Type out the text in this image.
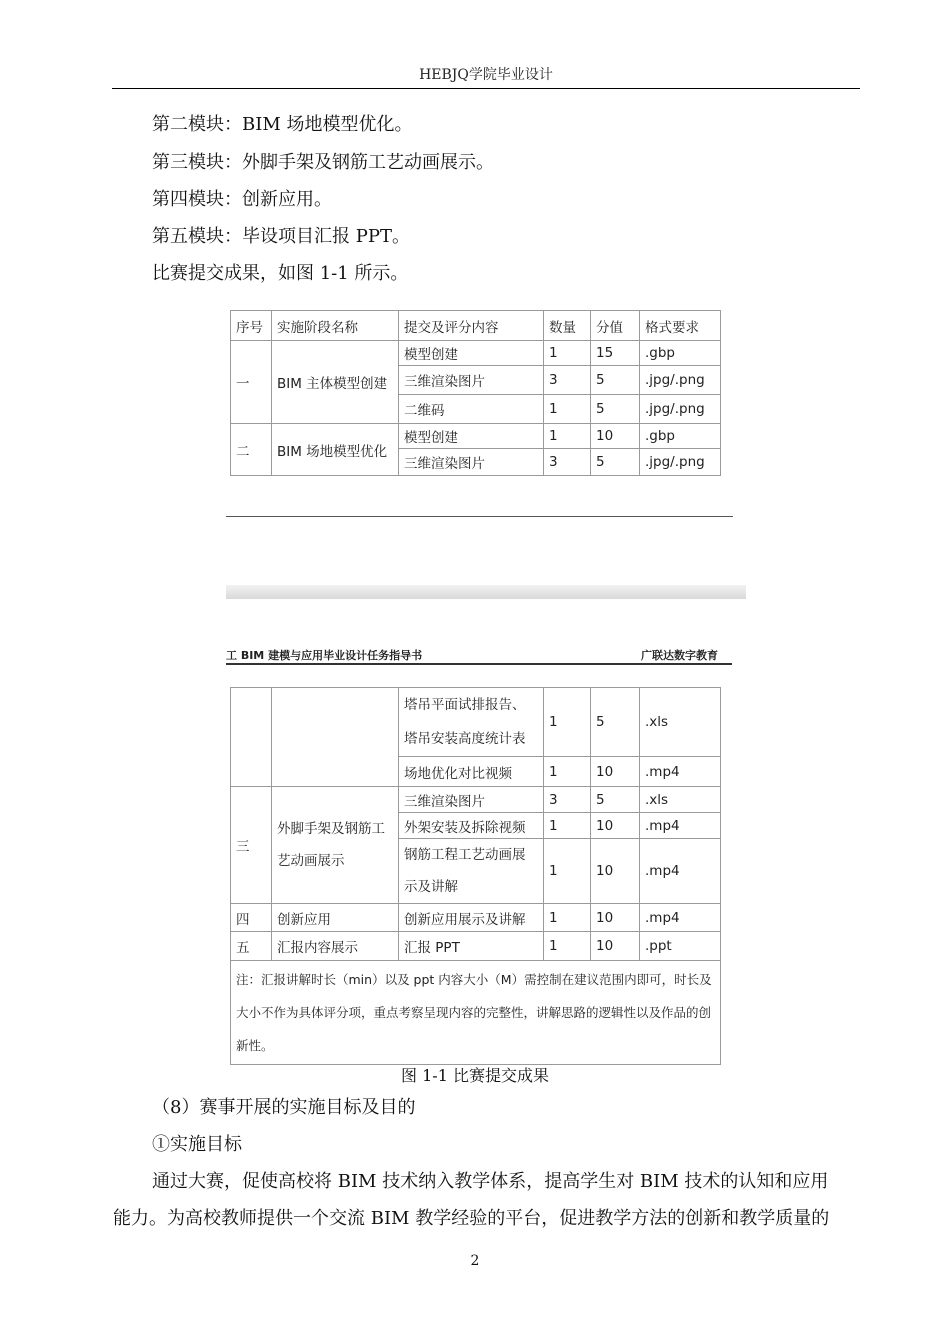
HEBJQ学院毕业设计
第二模块：BIM 场地模型优化。
第三模块：外脚手架及钢筋工艺动画展示。
第四模块：创新应用。
第五模块：毕设项目汇报 PPT。
比赛提交成果，如图 1-1 所示。
序号	实施阶段名称	提交及评分内容	数量	分值	格式要求
一	BIM 主体模型创建	模型创建	1	15	.gbp
		三维渲染图片	3	5	.jpg/.png
		二维码	1	5	.jpg/.png
二	BIM 场地模型优化	模型创建	1	10	.gbp
		三维渲染图片	3	5	.jpg/.png
工 BIM 建模与应用毕业设计任务指导书	广联达数字教育
		塔吊平面试排报告、塔吊安装高度统计表	1	5	.xls
		场地优化对比视频	1	10	.mp4
三	外脚手架及钢筋工艺动画展示	三维渲染图片	3	5	.xls
		外架安装及拆除视频	1	10	.mp4
		钢筋工程工艺动画展示及讲解	1	10	.mp4
四	创新应用	创新应用展示及讲解	1	10	.mp4
五	汇报内容展示	汇报 PPT	1	10	.ppt
注：汇报讲解时长（min）以及 ppt 内容大小（M）需控制在建议范围内即可，时长及大小不作为具体评分项，重点考察呈现内容的完整性，讲解思路的逻辑性以及作品的创新性。					
图 1-1 比赛提交成果
（8）赛事开展的实施目标及目的
①实施目标
通过大赛，促使高校将 BIM 技术纳入教学体系，提高学生对 BIM 技术的认知和应用
能力。为高校教师提供一个交流 BIM 教学经验的平台，促进教学方法的创新和教学质量的
2
